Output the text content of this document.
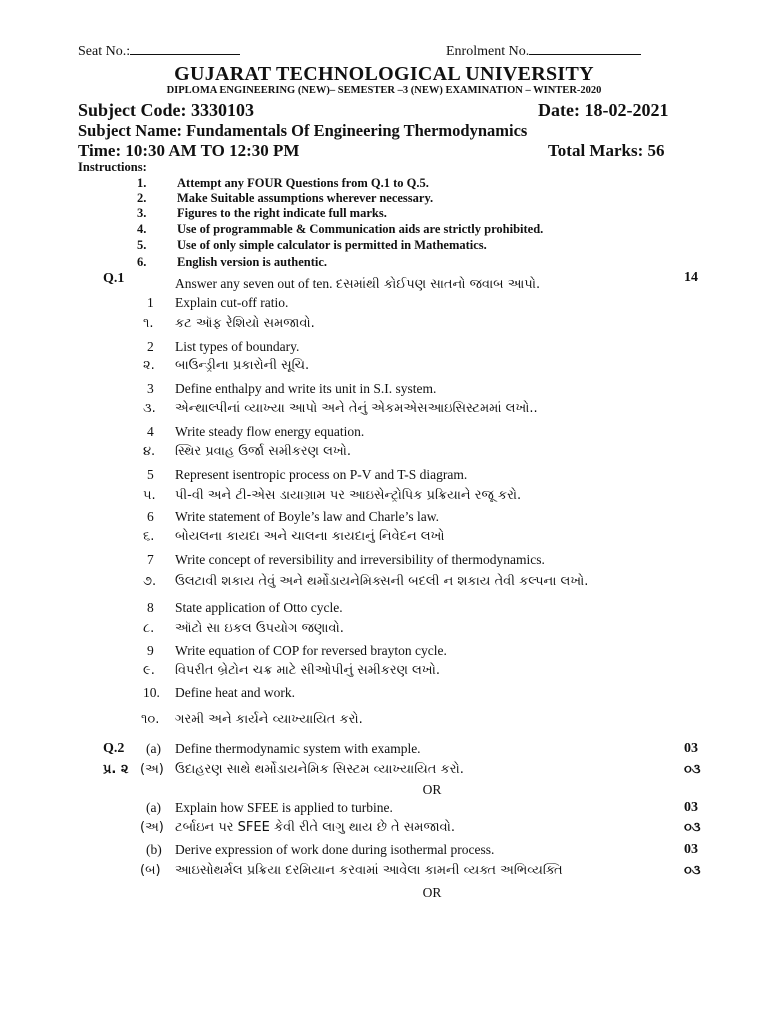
Seat No.:	Enrolment No.
GUJARAT TECHNOLOGICAL UNIVERSITY
DIPLOMA ENGINEERING (NEW)– SEMESTER –3 (NEW) EXAMINATION – WINTER-2020
Subject Code: 3330103	Date: 18-02-2021
Subject Name: Fundamentals Of Engineering Thermodynamics
Time: 10:30 AM TO 12:30 PM	Total Marks: 56
Instructions:
1. Attempt any FOUR Questions from Q.1 to Q.5.
2. Make Suitable assumptions wherever necessary.
3. Figures to the right indicate full marks.
4. Use of programmable & Communication aids are strictly prohibited.
5. Use of only simple calculator is permitted in Mathematics.
6. English version is authentic.
Q.1	14
Answer any seven out of ten. દસમાંથી કોઈપણ સાતનો જવાબ આપો.
1 Explain cut-off ratio.
૧. કટ ઑફ રેશિયો સમજાવો.
2 List types of boundary.
૨. બાઉન્ડ્રીના પ્રકારોની સૂચિ.
3 Define enthalpy and write its unit in S.I. system.
૩. એન્થાલ્પીનાં વ્યાખ્યા આપો અને તેનું એકમએસઆઇસિસ્ટમમાં લખો..
4 Write steady flow energy equation.
૪. સ્થિર પ્રવાહ ઉર્જા સમીકરણ લખો.
5 Represent isentropic process on P-V and T-S diagram.
૫. પી-વી અને ટી-એસ ડાયાગ્રામ પર આઇસેન્ટ્રોપિક પ્રક્રિયાને રજૂ કરો.
6 Write statement of Boyle’s law and Charle’s law.
૬. બોયલના કાયદા અને ચાલના કાયદાનું નિવેદન લખો
7 Write concept of reversibility and irreversibility of thermodynamics.
૭. ઉલટાવી શકાય તેવું અને થર્મોડાયનેમિક્સની બદલી ન શકાય તેવી કલ્પના લખો.
8 State application of Otto cycle.
૮. ઑટો સા ઇકલ ઉપયોગ જણાવો.
9 Write equation of COP for reversed brayton cycle.
૯. વિપરીત બ્રેટોન ચક્ર માટે સીઓપીનું સમીકરણ લખો.
10. Define heat and work.
૧૦. ગરમી અને કાર્યને વ્યાખ્યાયિત કરો.
Q.2
પ્ર. ૨
(a) Define thermodynamic system with example.	03
(અ) ઉદાહરણ સાથે થર્મોડાયનેમિક સિસ્ટમ વ્યાખ્યાયિત કરો.	૦૩
OR
(a) Explain how SFEE is applied to turbine.	03
(અ) ટર્બાઇન પર SFEE કેવી રીતે લાગુ થાય છે તે સમજાવો.	૦૩
(b) Derive expression of work done during isothermal process.	03
(બ) આઇસોથર્મલ પ્રક્રિયા દરમિયાન કરવામાં આવેલા કામની વ્યક્ત અભિવ્યક્તિ	૦૩
OR
